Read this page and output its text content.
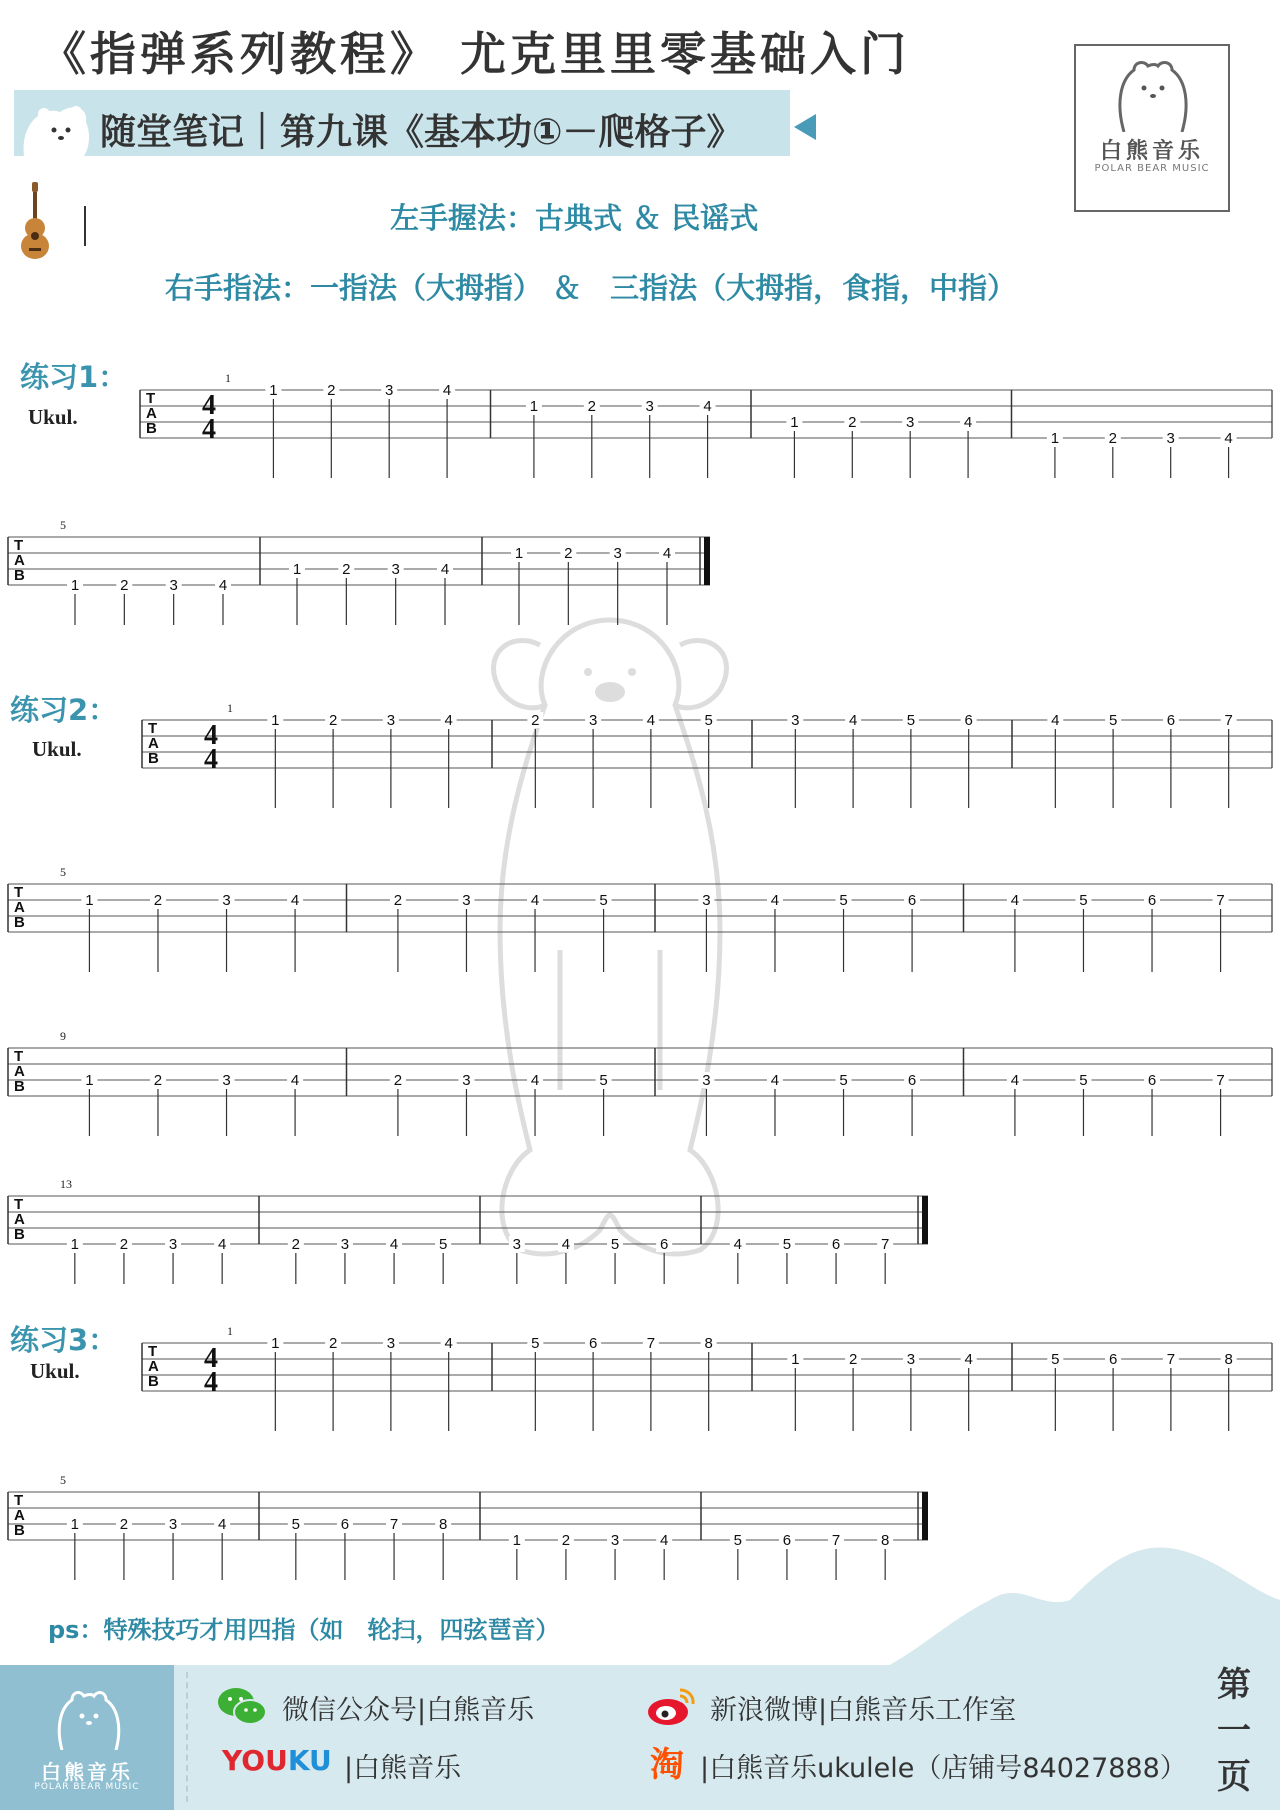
《指弹系列教程》 尤克里里零基础入门
随堂笔记｜第九课《基本功①－爬格子》	白熊音乐
POLAR BEAR MUSIC
左手握法：古典式 ＆ 民谣式
右手指法：一指法（大拇指） ＆　三指法（大拇指，食指，中指）
练习1：
Ukul.
T
A
B
4
4
1
1	2	3	4
1	2	3	4
1	2	3	4
1	2	3	4
T
A
B
5
1	2	3	4
1	2	3	4
1	2	3	4
练习2：
Ukul.
T
A
B
4
4
1
1	2	3	4	2	3	4	5	3	4	5	6	4	5	6	7
T
A
B
5
1	2	3	4	2	3	4	5	3	4	5	6	4	5	6	7
T
A
B
9
1	2	3	4	2	3	4	5	3	4	5	6	4	5	6	7
T
A
B
13
1	2	3	4	2	3	4	5	3	4	5	6	4	5	6	7
练习3：
Ukul.
T
A
B
4
4
1
1	2	3	4	5	6	7	8
1	2	3	4	5	6	7	8
T
A
B
5
1	2	3	4	5	6	7	8
1	2	3	4	5	6	7	8
ps：特殊技巧才用四指（如　轮扫，四弦琶音）
白熊音乐
POLAR BEAR MUSIC
微信公众号|白熊音乐	新浪微博|白熊音乐工作室
YOUKU |白熊音乐	淘 |白熊音乐ukulele（店铺号84027888）
第一页
